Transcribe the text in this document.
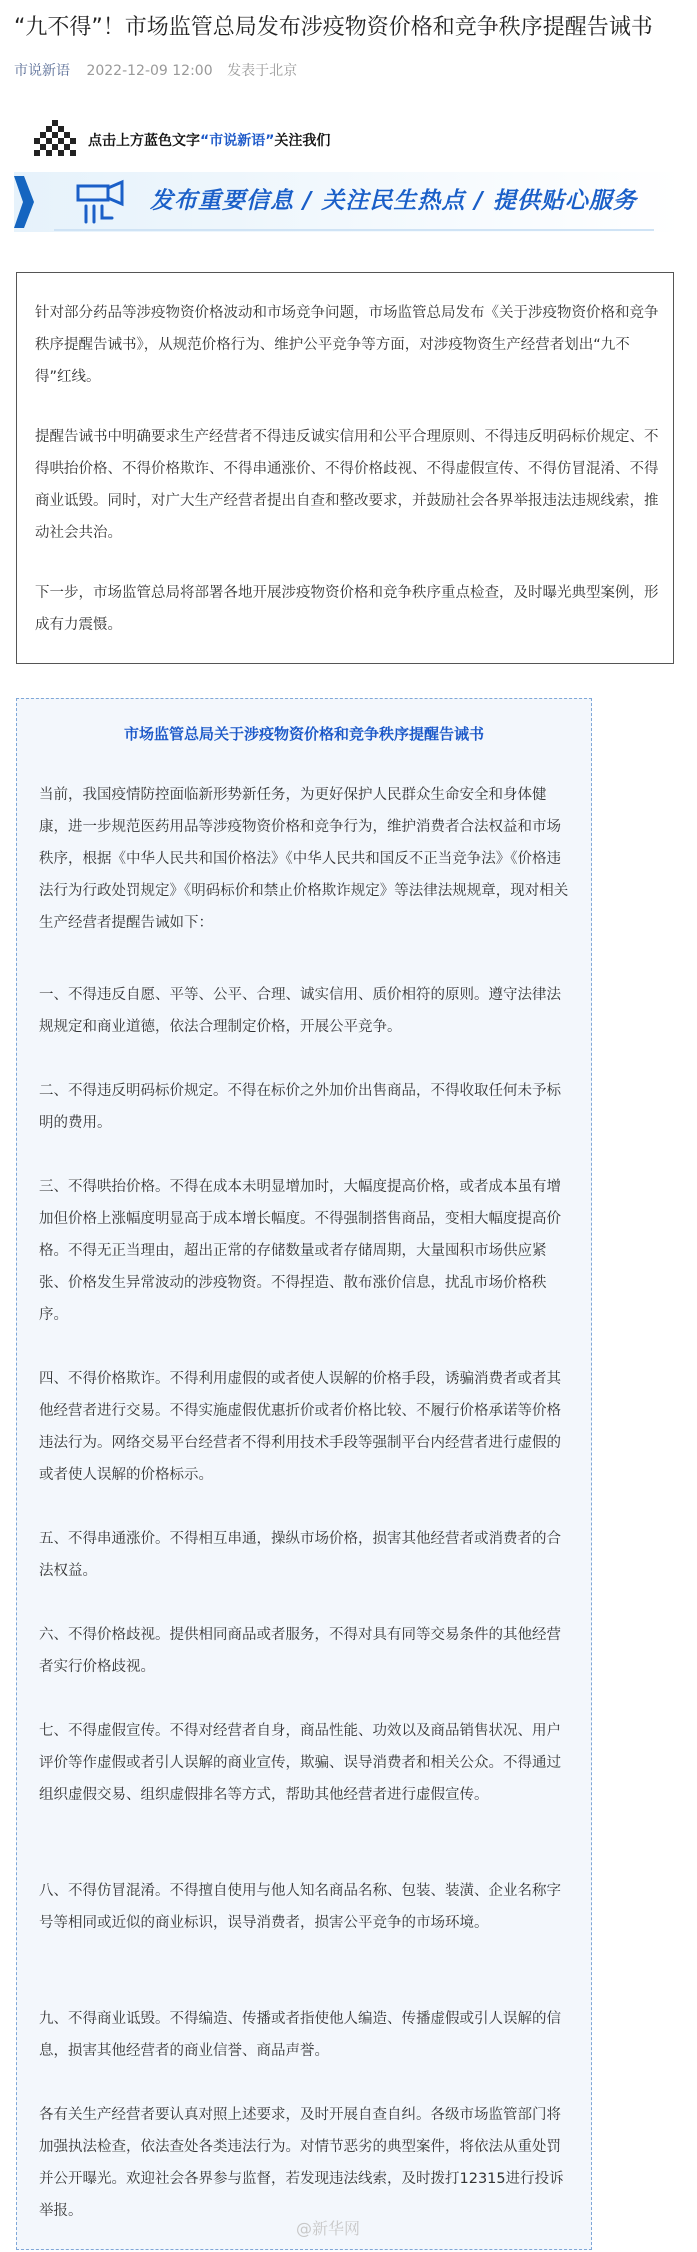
“九不得”！市场监管总局发布涉疫物资价格和竞争秩序提醒告诫书
市说新语 2022-12-09 12:00 发表于北京
点击上方蓝色文字“市说新语”关注我们
发布重要信息 / 关注民生热点 / 提供贴心服务

针对部分药品等涉疫物资价格波动和市场竞争问题，市场监管总局发布《关于涉疫物资价格和竞争秩序提醒告诫书》，从规范价格行为、维护公平竞争等方面，对涉疫物资生产经营者划出“九不得”红线。

提醒告诫书中明确要求生产经营者不得违反诚实信用和公平合理原则、不得违反明码标价规定、不得哄抬价格、不得价格欺诈、不得串通涨价、不得价格歧视、不得虚假宣传、不得仿冒混淆、不得商业诋毁。同时，对广大生产经营者提出自查和整改要求，并鼓励社会各界举报违法违规线索，推动社会共治。

下一步，市场监管总局将部署各地开展涉疫物资价格和竞争秩序重点检查，及时曝光典型案例，形成有力震慑。

市场监管总局关于涉疫物资价格和竞争秩序提醒告诫书

当前，我国疫情防控面临新形势新任务，为更好保护人民群众生命安全和身体健康，进一步规范医药用品等涉疫物资价格和竞争行为，维护消费者合法权益和市场秩序，根据《中华人民共和国价格法》《中华人民共和国反不正当竞争法》《价格违法行为行政处罚规定》《明码标价和禁止价格欺诈规定》等法律法规规章，现对相关生产经营者提醒告诫如下：

一、不得违反自愿、平等、公平、合理、诚实信用、质价相符的原则。遵守法律法规规定和商业道德，依法合理制定价格，开展公平竞争。

二、不得违反明码标价规定。不得在标价之外加价出售商品，不得收取任何未予标明的费用。

三、不得哄抬价格。不得在成本未明显增加时，大幅度提高价格，或者成本虽有增加但价格上涨幅度明显高于成本增长幅度。不得强制搭售商品，变相大幅度提高价格。不得无正当理由，超出正常的存储数量或者存储周期，大量囤积市场供应紧张、价格发生异常波动的涉疫物资。不得捏造、散布涨价信息，扰乱市场价格秩序。

四、不得价格欺诈。不得利用虚假的或者使人误解的价格手段，诱骗消费者或者其他经营者进行交易。不得实施虚假优惠折价或者价格比较、不履行价格承诺等价格违法行为。网络交易平台经营者不得利用技术手段等强制平台内经营者进行虚假的或者使人误解的价格标示。

五、不得串通涨价。不得相互串通，操纵市场价格，损害其他经营者或消费者的合法权益。

六、不得价格歧视。提供相同商品或者服务，不得对具有同等交易条件的其他经营者实行价格歧视。

七、不得虚假宣传。不得对经营者自身，商品性能、功效以及商品销售状况、用户评价等作虚假或者引人误解的商业宣传，欺骗、误导消费者和相关公众。不得通过组织虚假交易、组织虚假排名等方式，帮助其他经营者进行虚假宣传。

八、不得仿冒混淆。不得擅自使用与他人知名商品名称、包装、装潢、企业名称字号等相同或近似的商业标识，误导消费者，损害公平竞争的市场环境。

九、不得商业诋毁。不得编造、传播或者指使他人编造、传播虚假或引人误解的信息，损害其他经营者的商业信誉、商品声誉。

各有关生产经营者要认真对照上述要求，及时开展自查自纠。各级市场监管部门将加强执法检查，依法查处各类违法行为。对情节恶劣的典型案件，将依法从重处罚并公开曝光。欢迎社会各界参与监督，若发现违法线索，及时拨打12315进行投诉举报。

@新华网
